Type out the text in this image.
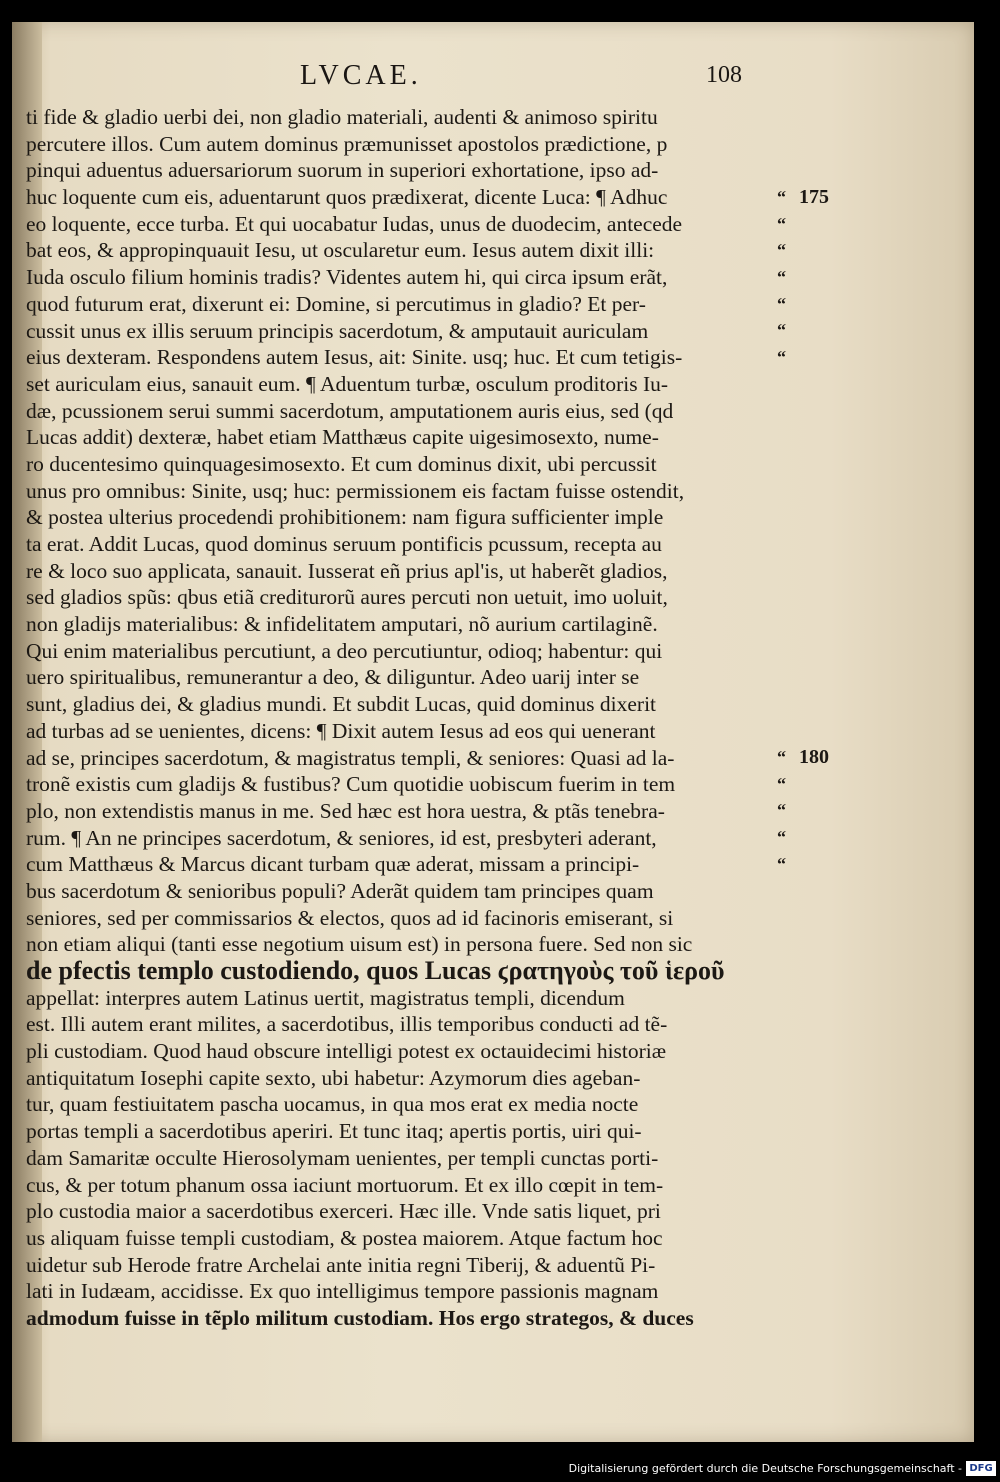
LVCAE.	108
ti fide & gladio uerbi dei, non gladio materiali, audenti & animoso spiritu
percutere illos. Cum autem dominus præmunisset apostolos prædictione, p
pinqui aduentus aduersariorum suorum in superiori exhortatione, ipso ad-
huc loquente cum eis, aduentarunt quos prædixerat, dicente Luca: ¶ Adhuc
eo loquente, ecce turba. Et qui uocabatur Iudas, unus de duodecim, antecede
bat eos, & appropinquauit Iesu, ut oscularetur eum. Iesus autem dixit illi:
Iuda osculo filium hominis tradis? Videntes autem hi, qui circa ipsum erãt,
quod futurum erat, dixerunt ei: Domine, si percutimus in gladio? Et per-
cussit unus ex illis seruum principis sacerdotum, & amputauit auriculam
eius dexteram. Respondens autem Iesus, ait: Sinite. usq; huc. Et cum tetigis-
set auriculam eius, sanauit eum. ¶ Aduentum turbæ, osculum proditoris Iu-
dæ, pcussionem serui summi sacerdotum, amputationem auris eius, sed (qd
Lucas addit) dexteræ, habet etiam Matthæus capite uigesimosexto, nume-
ro ducentesimo quinquagesimosexto. Et cum dominus dixit, ubi percussit
unus pro omnibus: Sinite, usq; huc: permissionem eis factam fuisse ostendit,
& postea ulterius procedendi prohibitionem: nam figura sufficienter imple
ta erat. Addit Lucas, quod dominus seruum pontificis pcussum, recepta au
re & loco suo applicata, sanauit. Iusserat eñ prius apl'is, ut haberẽt gladios,
sed gladios spũs: qbus etiã crediturorũ aures percuti non uetuit, imo uoluit,
non gladijs materialibus: & infidelitatem amputari, nõ aurium cartilaginẽ.
Qui enim materialibus percutiunt, a deo percutiuntur, odioq; habentur: qui
uero spiritualibus, remunerantur a deo, & diliguntur. Adeo uarij inter se
sunt, gladius dei, & gladius mundi. Et subdit Lucas, quid dominus dixerit
ad turbas ad se uenientes, dicens: ¶ Dixit autem Iesus ad eos qui uenerant
ad se, principes sacerdotum, & magistratus templi, & seniores: Quasi ad la-
tronẽ existis cum gladijs & fustibus? Cum quotidie uobiscum fuerim in tem
plo, non extendistis manus in me. Sed hæc est hora uestra, & ptãs tenebra-
rum. ¶ An ne principes sacerdotum, & seniores, id est, presbyteri aderant,
cum Matthæus & Marcus dicant turbam quæ aderat, missam a principi-
bus sacerdotum & senioribus populi? Aderãt quidem tam principes quam
seniores, sed per commissarios & electos, quos ad id facinoris emiserant, si
non etiam aliqui (tanti esse negotium uisum est) in persona fuere. Sed non sic
de pfectis templo custodiendo, quos Lucas ϛρατηγοὺς τοῦ ἱεροῦ
appellat: interpres autem Latinus uertit, magistratus templi, dicendum
est. Illi autem erant milites, a sacerdotibus, illis temporibus conducti ad tẽ-
pli custodiam. Quod haud obscure intelligi potest ex octauidecimi historiæ
antiquitatum Iosephi capite sexto, ubi habetur: Azymorum dies ageban-
tur, quam festiuitatem pascha uocamus, in qua mos erat ex media nocte
portas templi a sacerdotibus aperiri. Et tunc itaq; apertis portis, uiri qui-
dam Samaritæ occulte Hierosolymam uenientes, per templi cunctas porti-
cus, & per totum phanum ossa iaciunt mortuorum. Et ex illo cœpit in tem-
plo custodia maior a sacerdotibus exerceri. Hæc ille. Vnde satis liquet, pri
us aliquam fuisse templi custodiam, & postea maiorem. Atque factum hoc
uidetur sub Herode fratre Archelai ante initia regni Tiberij, & aduentũ Pi-
lati in Iudæam, accidisse. Ex quo intelligimus tempore passionis magnam
admodum fuisse in tẽplo militum custodiam. Hos ergo strategos, & duces
“ 175
“
“
“
“
“
“
“ 180
“
“
“
“
Digitalisierung gefördert durch die Deutsche Forschungsgemeinschaft - DFG
